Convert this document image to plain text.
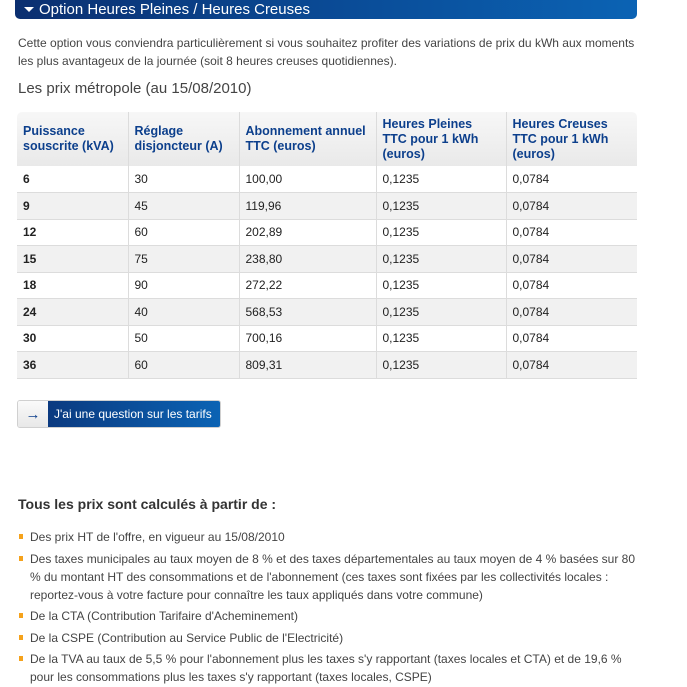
Option Heures Pleines / Heures Creuses

Cette option vous conviendra particulièrement si vous souhaitez profiter des variations de prix du kWh aux moments les plus avantageux de la journée (soit 8 heures creuses quotidiennes).

Les prix métropole (au 15/08/2010)
Puissance souscrite (kVA)	Réglage disjoncteur (A)	Abonnement annuel TTC (euros)	Heures Pleines TTC pour 1 kWh (euros)	Heures Creuses TTC pour 1 kWh (euros)
6	30	100,00	0,1235	0,0784
9	45	119,96	0,1235	0,0784
12	60	202,89	0,1235	0,0784
15	75	238,80	0,1235	0,0784
18	90	272,22	0,1235	0,0784
24	40	568,53	0,1235	0,0784
30	50	700,16	0,1235	0,0784
36	60	809,31	0,1235	0,0784
→	J'ai une question sur les tarifs
Tous les prix sont calculés à partir de :
Des prix HT de l'offre, en vigueur au 15/08/2010
Des taxes municipales au taux moyen de 8 % et des taxes départementales au taux moyen de 4 % basées sur 80 % du montant HT des consommations et de l'abonnement (ces taxes sont fixées par les collectivités locales : reportez-vous à votre facture pour connaître les taux appliqués dans votre commune)
De la CTA (Contribution Tarifaire d'Acheminement)
De la CSPE (Contribution au Service Public de l'Electricité)
De la TVA au taux de 5,5 % pour l'abonnement plus les taxes s'y rapportant (taxes locales et CTA) et de 19,6 % pour les consommations plus les taxes s'y rapportant (taxes locales, CSPE)
